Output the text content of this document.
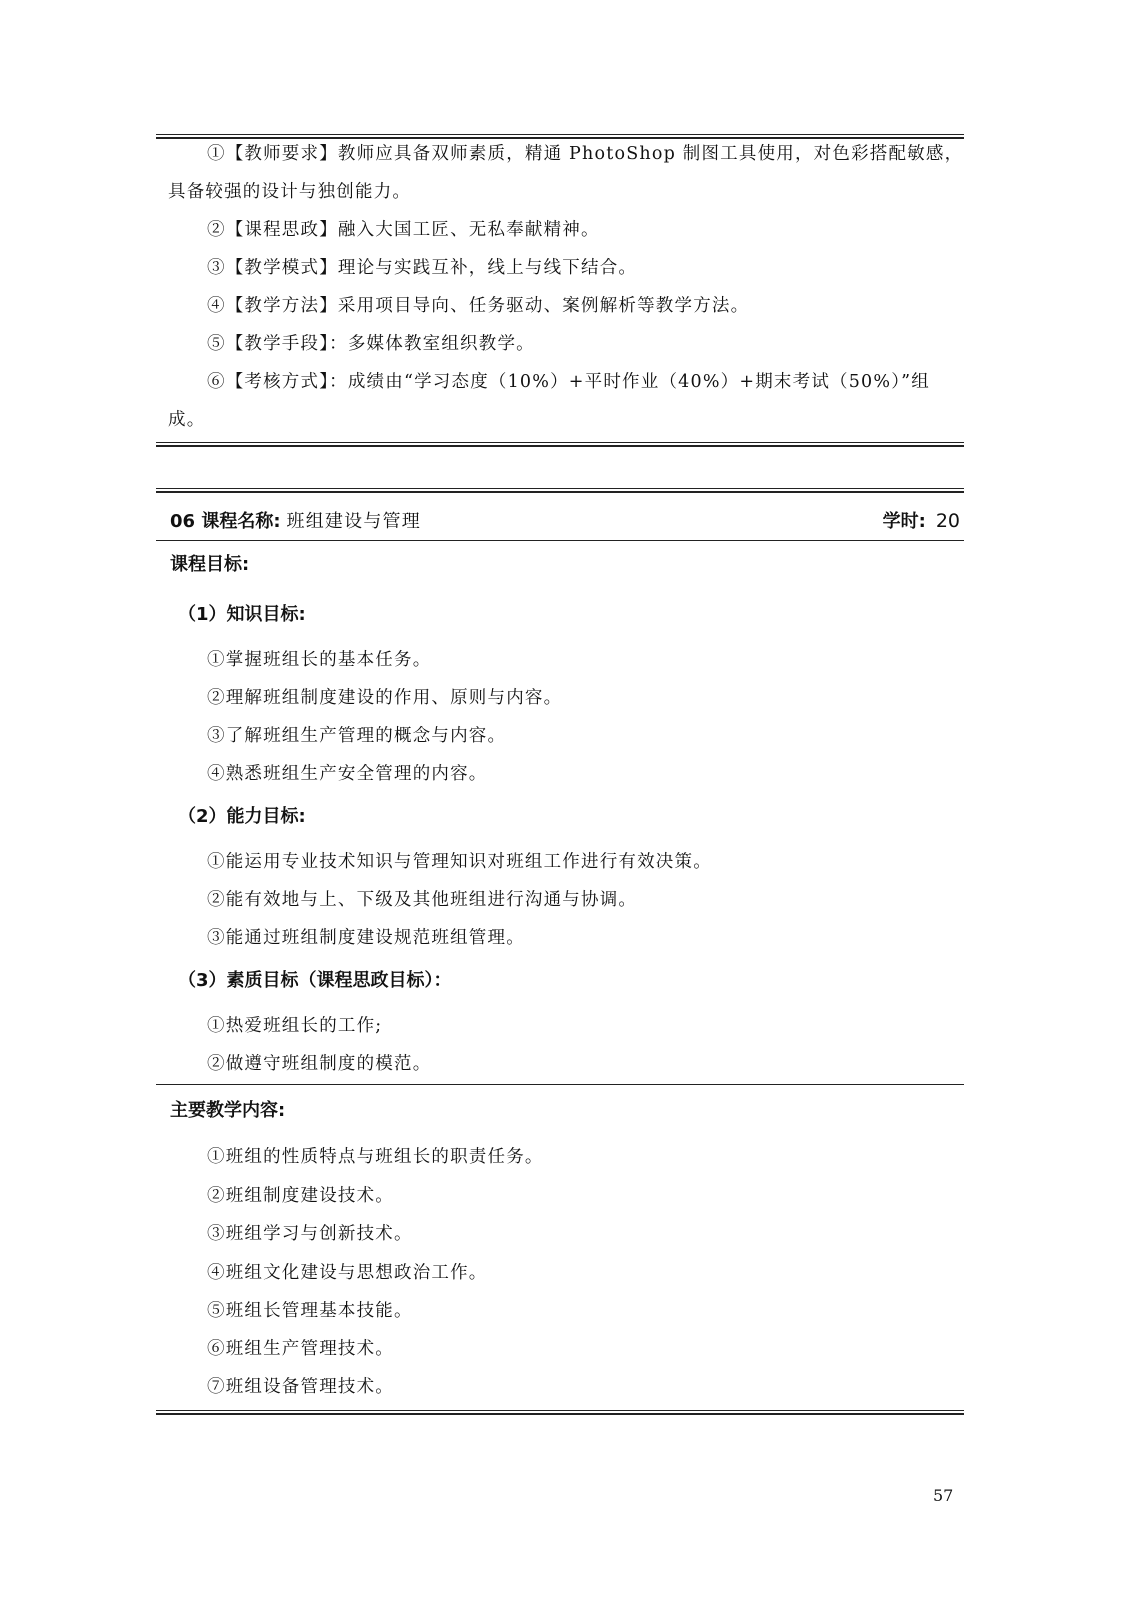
①【教师要求】教师应具备双师素质，精通 PhotoShop 制图工具使用，对色彩搭配敏感，
具备较强的设计与独创能力。
②【课程思政】融入大国工匠、无私奉献精神。
③【教学模式】理论与实践互补，线上与线下结合。
④【教学方法】采用项目导向、任务驱动、案例解析等教学方法。
⑤【教学手段】：多媒体教室组织教学。
⑥【考核方式】：成绩由“学习态度（10%）+平时作业（40%）+期末考试（50%）”组
成。
06 课程名称: 班组建设与管理	学时: 20
课程目标:
（1）知识目标:
①掌握班组长的基本任务。
②理解班组制度建设的作用、原则与内容。
③了解班组生产管理的概念与内容。
④熟悉班组生产安全管理的内容。
（2）能力目标:
①能运用专业技术知识与管理知识对班组工作进行有效决策。
②能有效地与上、下级及其他班组进行沟通与协调。
③能通过班组制度建设规范班组管理。
（3）素质目标（课程思政目标）：
①热爱班组长的工作;
②做遵守班组制度的模范。
主要教学内容:
①班组的性质特点与班组长的职责任务。
②班组制度建设技术。
③班组学习与创新技术。
④班组文化建设与思想政治工作。
⑤班组长管理基本技能。
⑥班组生产管理技术。
⑦班组设备管理技术。
57
